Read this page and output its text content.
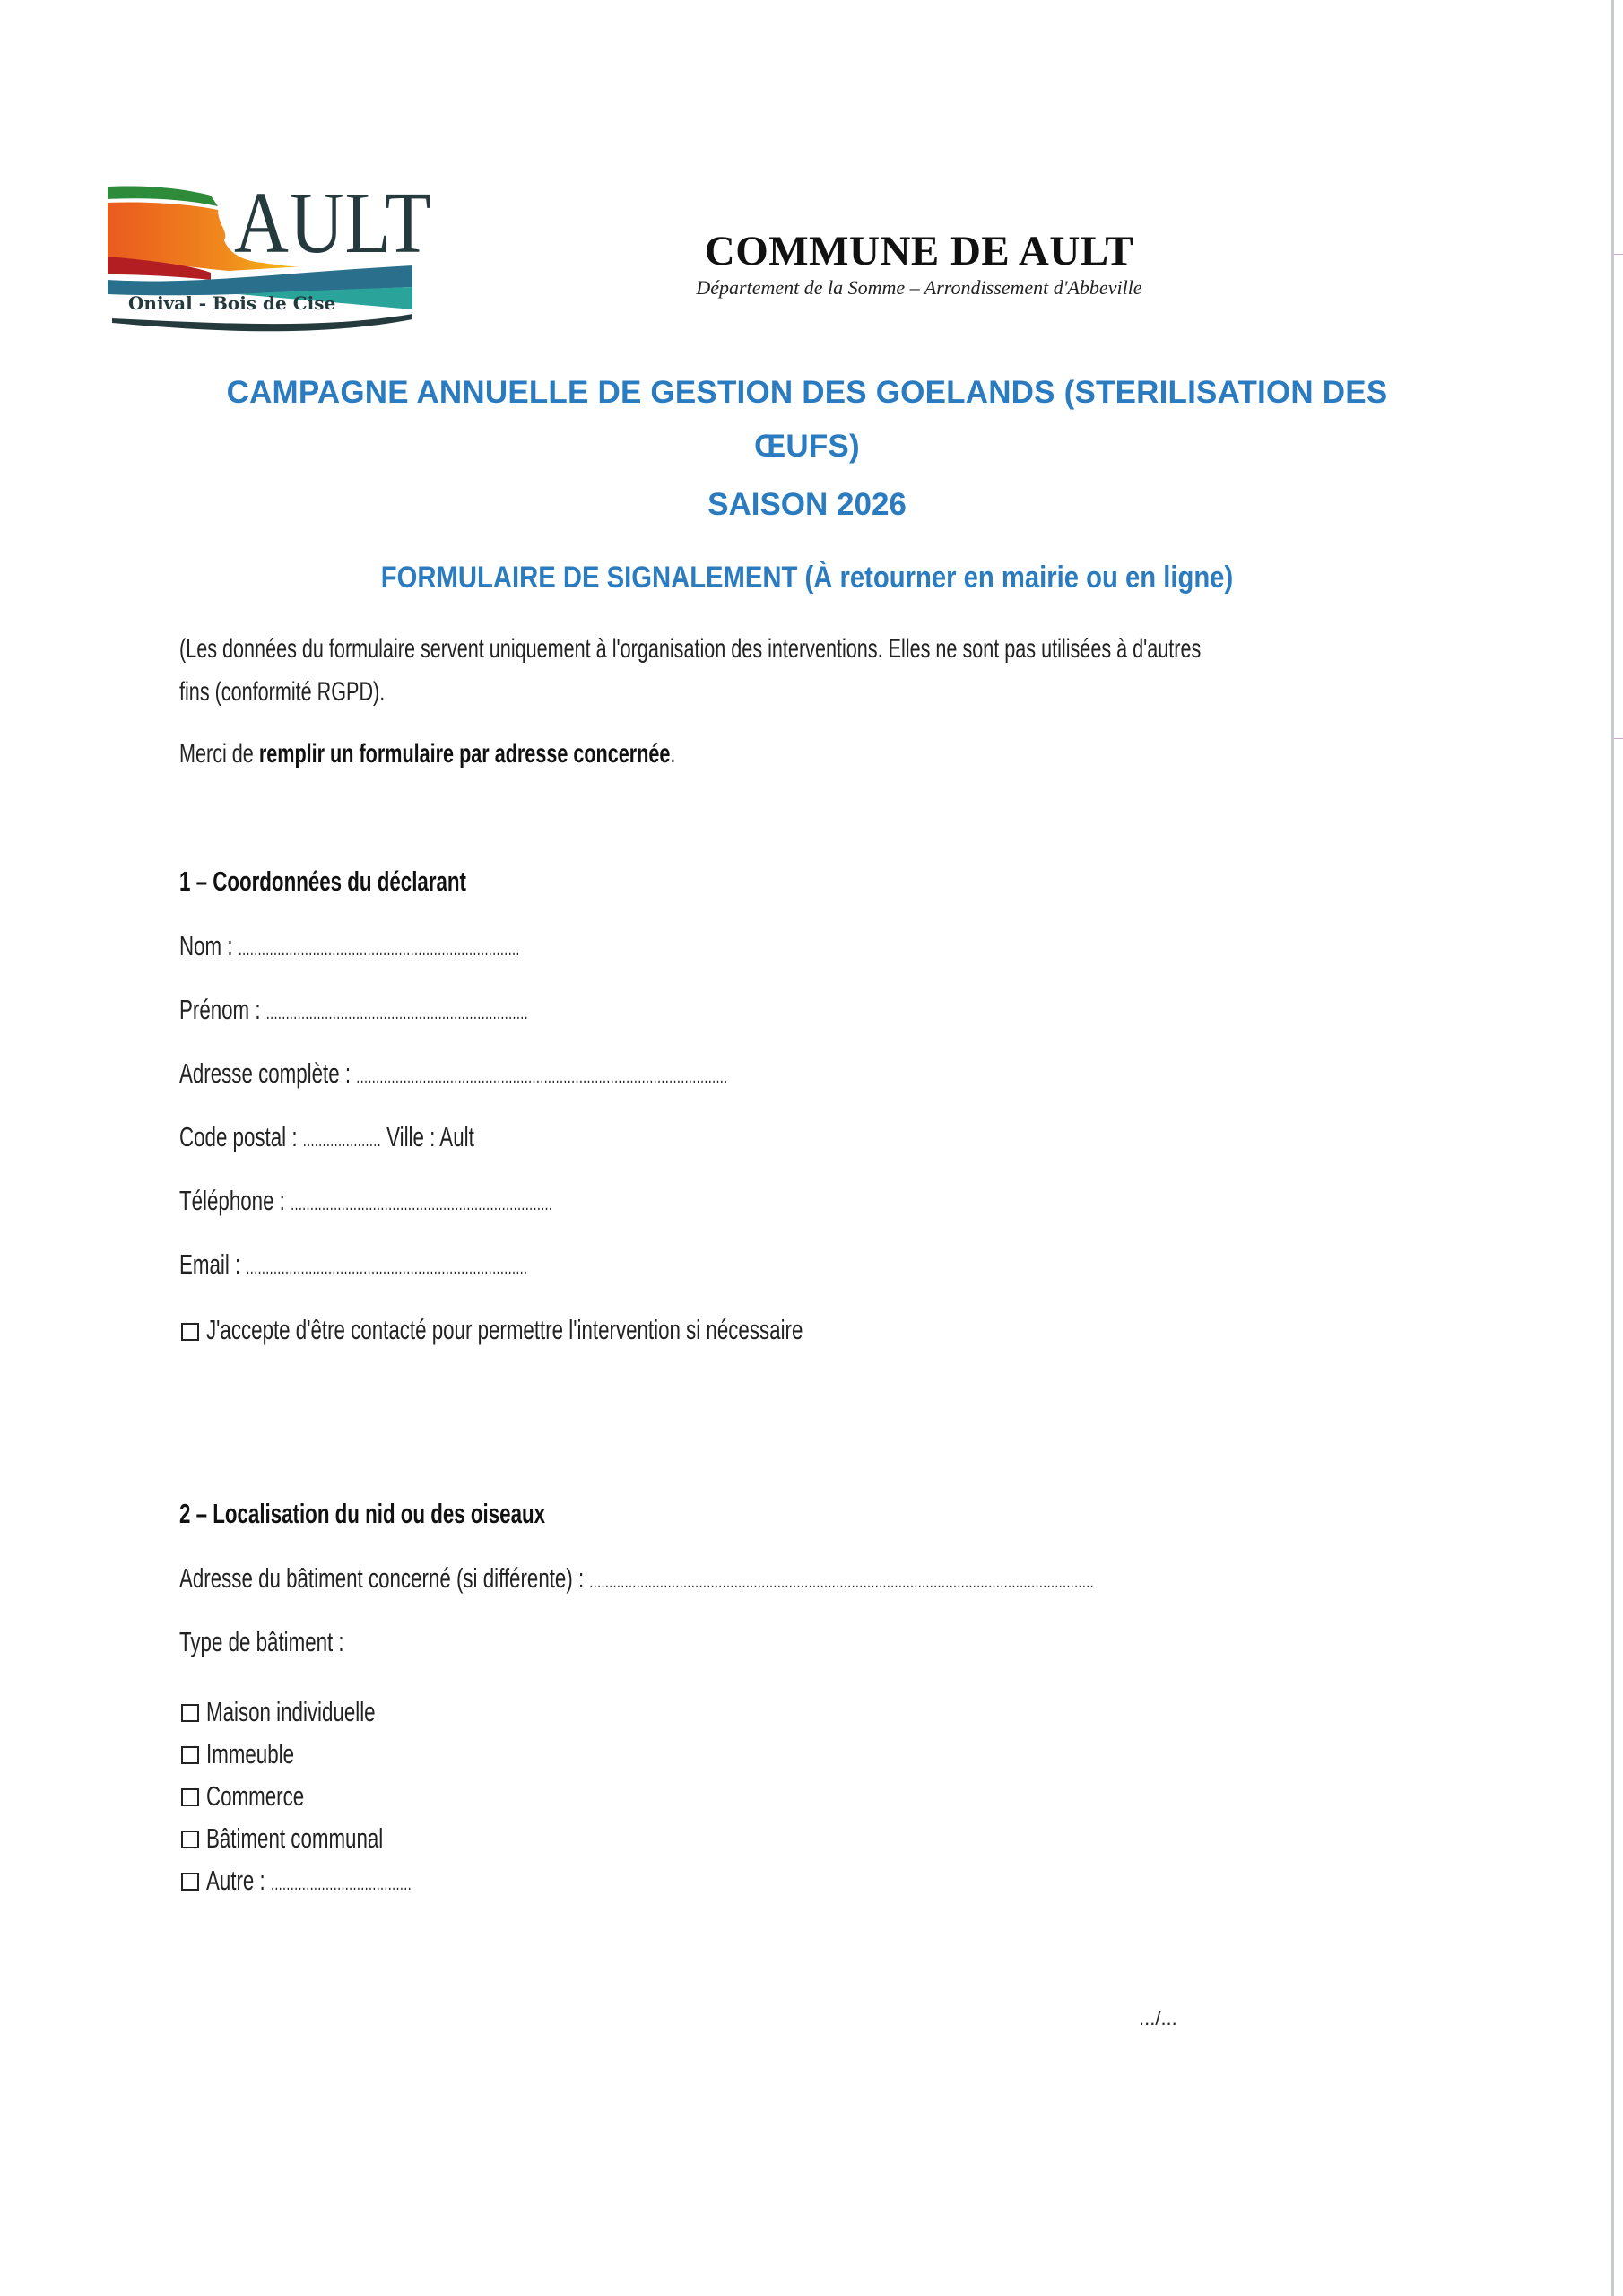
AULT
Onival - Bois de Cise
COMMUNE DE AULT
Département de la Somme – Arrondissement d'Abbeville
CAMPAGNE ANNUELLE DE GESTION DES GOELANDS (STERILISATION DES
ŒUFS)
SAISON 2026
FORMULAIRE DE SIGNALEMENT (À retourner en mairie ou en ligne)
(Les données du formulaire servent uniquement à l'organisation des interventions. Elles ne sont pas utilisées à d'autres
fins (conformité RGPD).
Merci de remplir un formulaire par adresse concernée.
1 – Coordonnées du déclarant
Nom : ........................................................................
Prénom : ...................................................................
Adresse complète : ...............................................................................................
Code postal : .................... Ville : Ault
Téléphone : ...................................................................
Email : ........................................................................
J'accepte d'être contacté pour permettre l'intervention si nécessaire
2 – Localisation du nid ou des oiseaux
Adresse du bâtiment concerné (si différente) : .................................................................................................................................
Type de bâtiment :
Maison individuelle
Immeuble
Commerce
Bâtiment communal
Autre : ....................................
.../...
